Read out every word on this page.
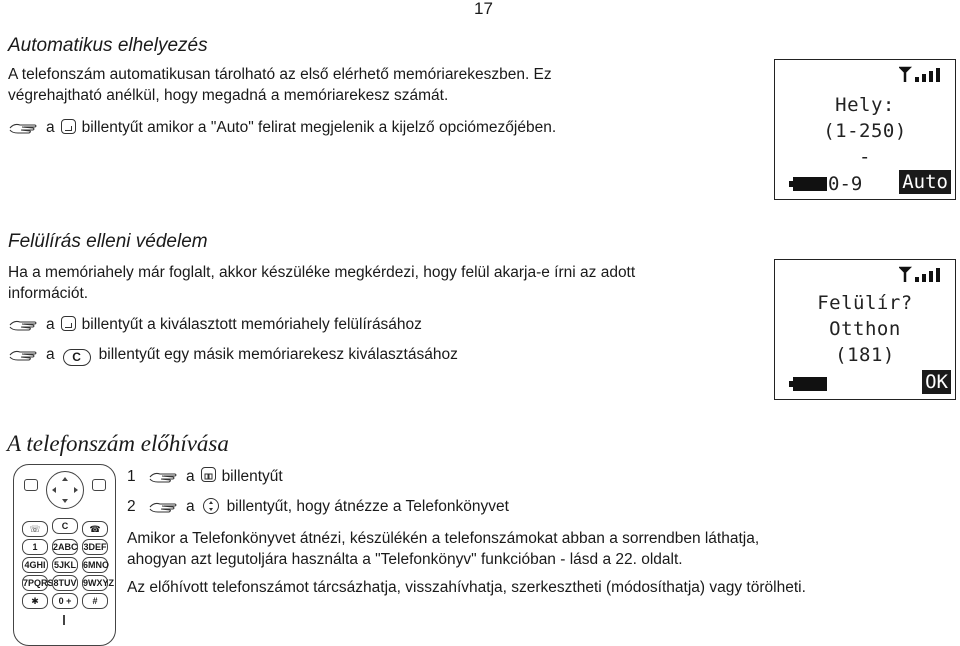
17
Automatikus elhelyezés
A telefonszám automatikusan tárolható az első elérhető memóriarekeszben. Ez
végrehajtható anélkül, hogy megadná a memóriarekesz számát.
a billentyűt amikor a "Auto" felirat megjelenik a kijelző opciómezőjében.
Hely:
(1-250)
-
0-9 Auto
Felülírás elleni védelem
Ha a memóriahely már foglalt, akkor készüléke megkérdezi, hogy felül akarja-e írni az adott
információt.
a billentyűt a kiválasztott memóriahely felülírásához
a C billentyűt egy másik memóriarekesz kiválasztásához
Felülír?
Otthon
(181)
OK
A telefonszám előhívása
☏	C	☎
1	2ABC 3DEF
4GHI 5JKL 6MNO
7PQRS 8TUV 9WXYZ
✱	0 +	#
1	a billentyűt
2	a billentyűt, hogy átnézze a Telefonkönyvet
Amikor a Telefonkönyvet átnézi, készülékén a telefonszámokat abban a sorrendben láthatja,
ahogyan azt legutoljára használta a "Telefonkönyv" funkcióban - lásd a 22. oldalt.
Az előhívott telefonszámot tárcsázhatja, visszahívhatja, szerkesztheti (módosíthatja) vagy törölheti.
